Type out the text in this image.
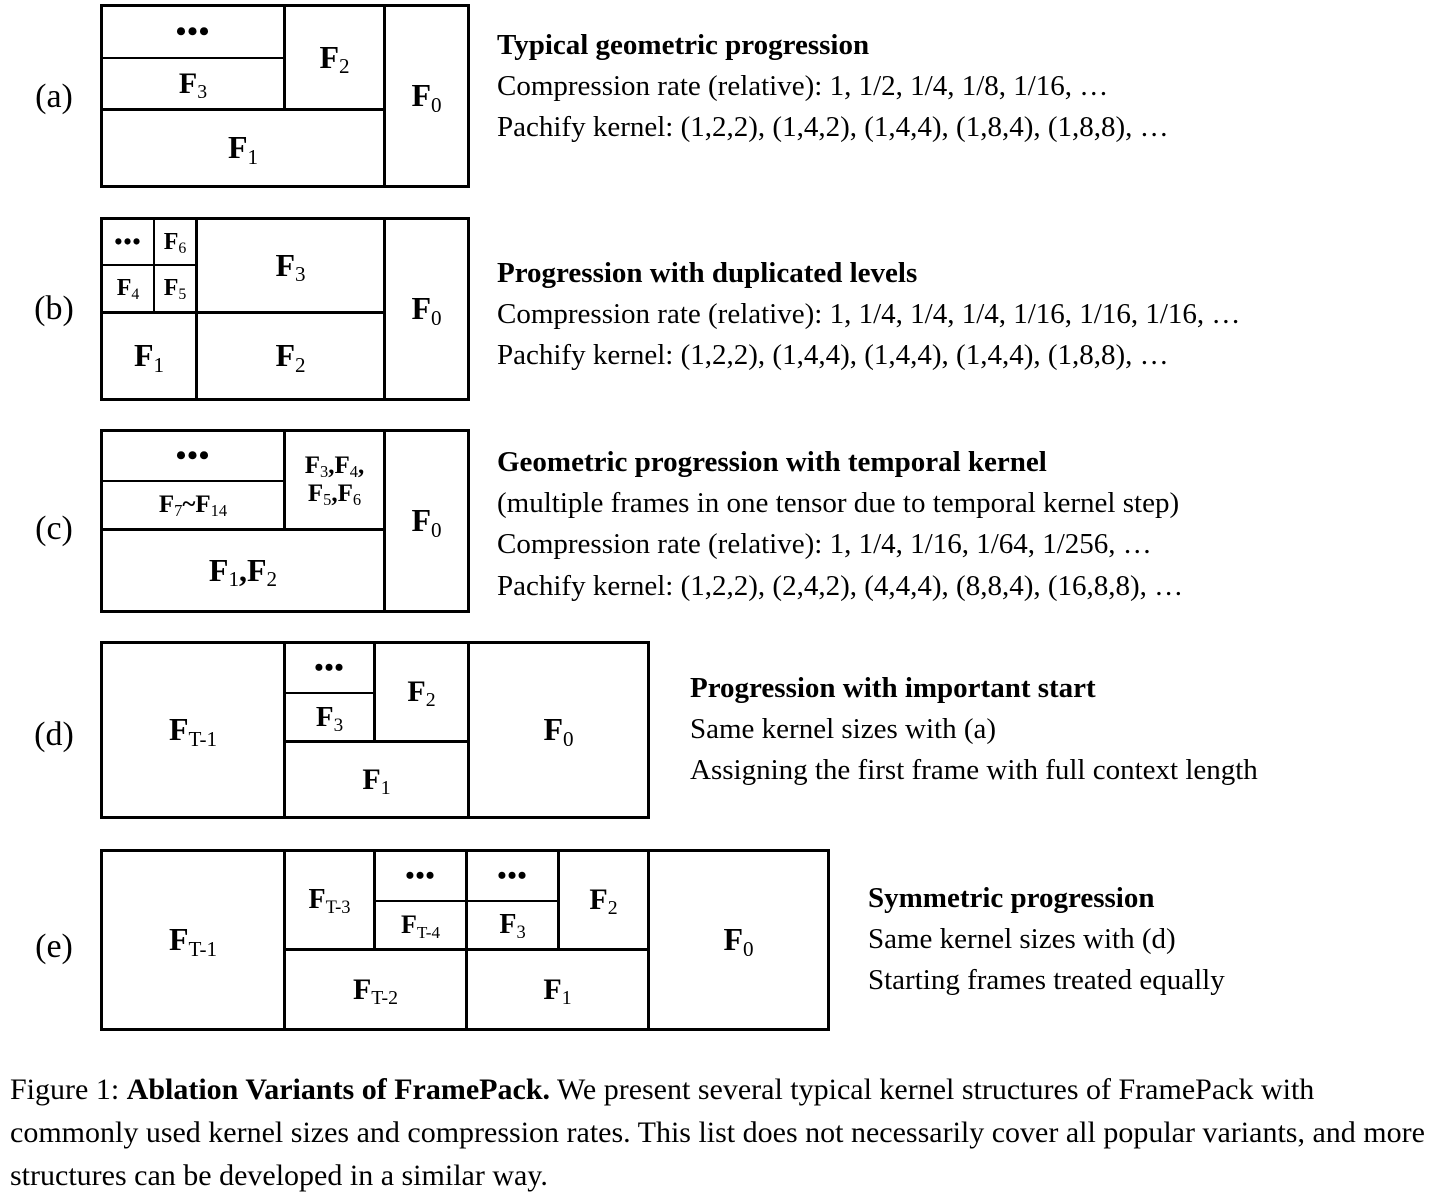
(a)
•••
$F_3$
$F_2$
$F_1$
$F_0$
Typical geometric progression
Compression rate (relative): 1, 1/2, 1/4, 1/8, 1/16, …
Pachify kernel: (1,2,2), (1,4,2), (1,4,4), (1,8,4), (1,8,8), …
(b)
••• $F_6$
$F_4$ $F_5$
$F_3$
$F_1$	$F_2$
$F_0$
Progression with duplicated levels
Compression rate (relative): 1, 1/4, 1/4, 1/4, 1/16, 1/16, 1/16, …
Pachify kernel: (1,2,2), (1,4,4), (1,4,4), (1,4,4), (1,8,8), …
(c)
•••
$F_7\sim F_{14}$
$F_3,F_4$,
$F_5,F_6$
$F_1,F_2$
$F_0$
Geometric progression with temporal kernel
(multiple frames in one tensor due to temporal kernel step)
Compression rate (relative): 1, 1/4, 1/16, 1/64, 1/256, …
Pachify kernel: (1,2,2), (2,4,2), (4,4,4), (8,8,4), (16,8,8), …
(d)	$F_{T-1}$
•••
$F_3$
$F_2$
$F_1$
$F_0$
Progression with important start
Same kernel sizes with (a)
Assigning the first frame with full context length
(e)	$F_{T-1}$
$F_{T-3}$
•••
$F_{T-4}$
•••
$F_3$
$F_2$
$F_{T-2}$	$F_1$
$F_0$
Symmetric progression
Same kernel sizes with (d)
Starting frames treated equally
Figure 1: Ablation Variants of FramePack. We present several typical kernel structures of FramePack with commonly used kernel sizes and compression rates. This list does not necessarily cover all popular variants, and more structures can be developed in a similar way.
